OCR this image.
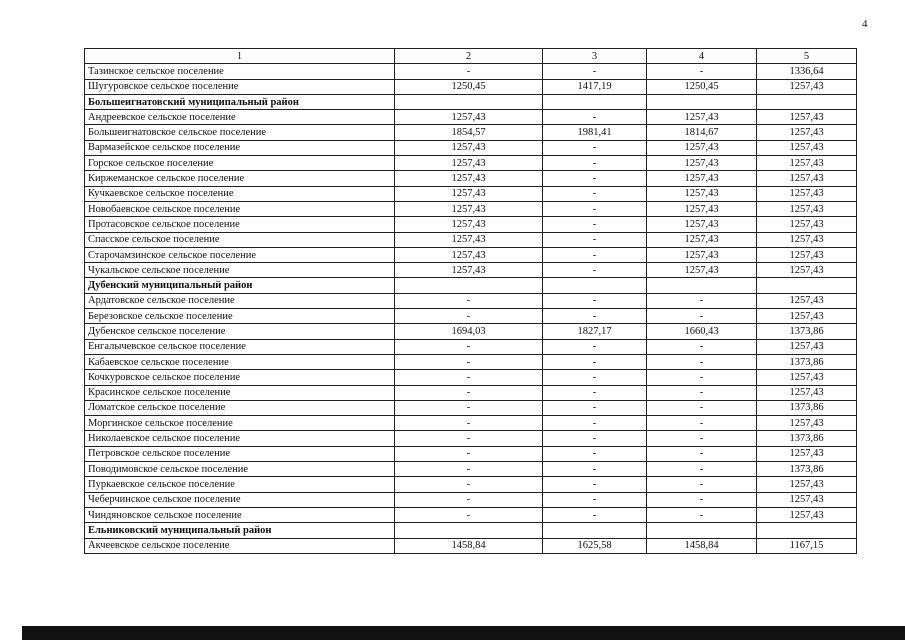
4
1	2	3	4	5
Тазинское сельское поселение	-	-	-	1336,64
Шугуровское сельское поселение	1250,45	1417,19	1250,45	1257,43
Большеигнатовский муниципальный район				
Андреевское сельское поселение	1257,43	-	1257,43	1257,43
Большеигнатовское сельское поселение	1854,57	1981,41	1814,67	1257,43
Вармазейское сельское поселение	1257,43	-	1257,43	1257,43
Горское сельское поселение	1257,43	-	1257,43	1257,43
Киржеманское сельское поселение	1257,43	-	1257,43	1257,43
Кучкаевское сельское поселение	1257,43	-	1257,43	1257,43
Новобаевское сельское поселение	1257,43	-	1257,43	1257,43
Протасовское сельское поселение	1257,43	-	1257,43	1257,43
Спасское сельское поселение	1257,43	-	1257,43	1257,43
Старочамзинское сельское поселение	1257,43	-	1257,43	1257,43
Чукальское сельское поселение	1257,43	-	1257,43	1257,43
Дубенский муниципальный район				
Ардатовское сельское поселение	-	-	-	1257,43
Березовское сельское поселение	-	-	-	1257,43
Дубенское сельское поселение	1694,03	1827,17	1660,43	1373,86
Енгалычевское сельское поселение	-	-	-	1257,43
Кабаевское сельское поселение	-	-	-	1373,86
Кочкуровское сельское поселение	-	-	-	1257,43
Красинское сельское поселение	-	-	-	1257,43
Ломатское сельское поселение	-	-	-	1373,86
Моргинское сельское поселение	-	-	-	1257,43
Николаевское сельское поселение	-	-	-	1373,86
Петровское сельское поселение	-	-	-	1257,43
Поводимовское сельское поселение	-	-	-	1373,86
Пуркаевское сельское поселение	-	-	-	1257,43
Чеберчинское сельское поселение	-	-	-	1257,43
Чиндяновское сельское поселение	-	-	-	1257,43
Ельниковский муниципальный район				
Акчеевское сельское поселение	1458,84	1625,58	1458,84	1167,15
